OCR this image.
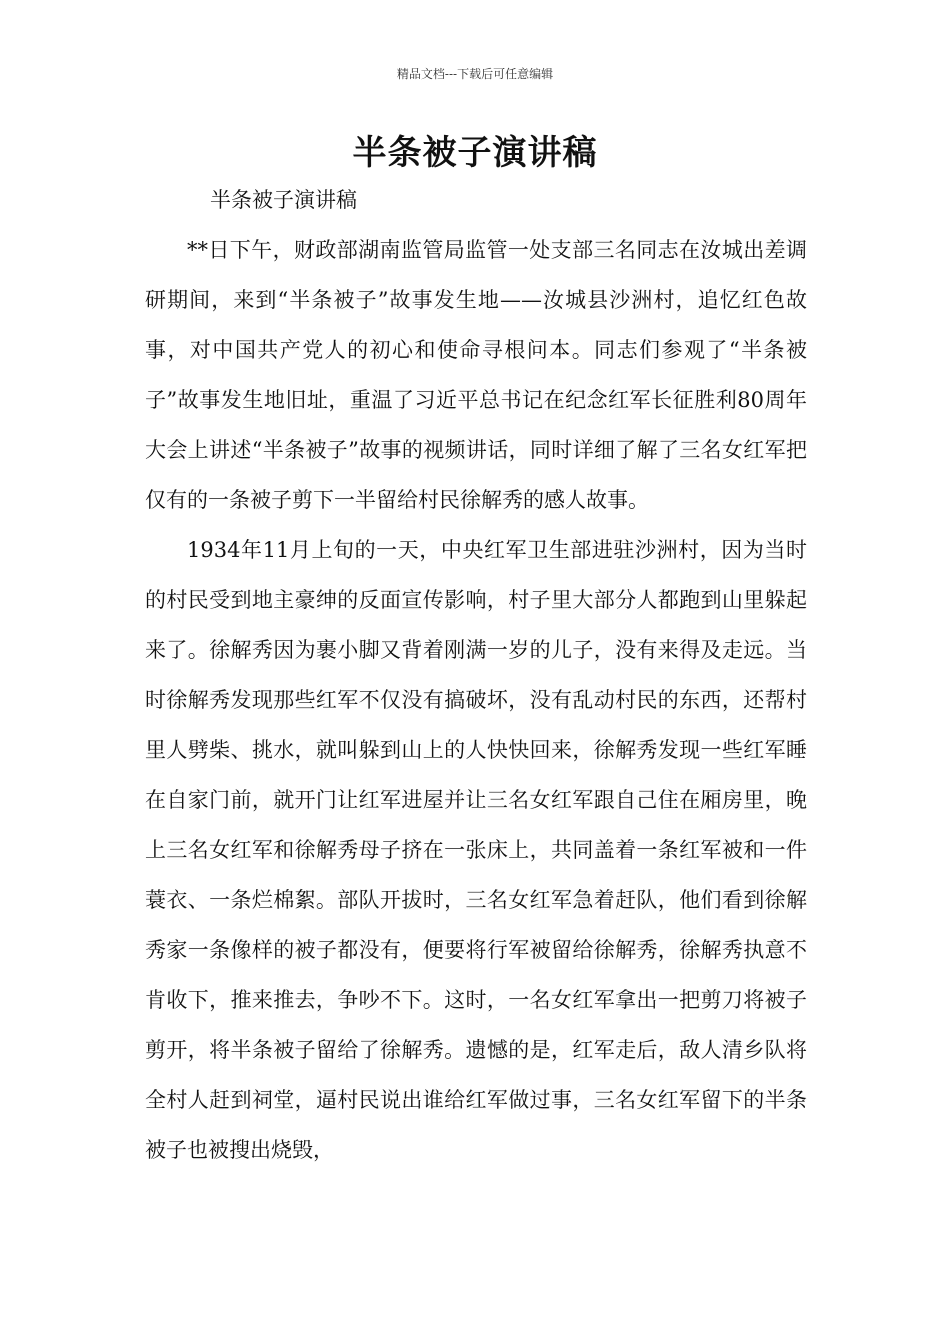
精品文档---下载后可任意编辑
半条被子演讲稿
半条被子演讲稿

**日下午，财政部湖南监管局监管一处支部三名同志在汝城出差调研期间，来到“半条被子”故事发生地——汝城县沙洲村，追忆红色故事，对中国共产党人的初心和使命寻根问本。同志们参观了“半条被子”故事发生地旧址，重温了习近平总书记在纪念红军长征胜利80周年大会上讲述“半条被子”故事的视频讲话，同时详细了解了三名女红军把仅有的一条被子剪下一半留给村民徐解秀的感人故事。

1934年11月上旬的一天，中央红军卫生部进驻沙洲村，因为当时的村民受到地主豪绅的反面宣传影响，村子里大部分人都跑到山里躲起来了。徐解秀因为裹小脚又背着刚满一岁的儿子，没有来得及走远。当时徐解秀发现那些红军不仅没有搞破坏，没有乱动村民的东西，还帮村里人劈柴、挑水，就叫躲到山上的人快快回来，徐解秀发现一些红军睡在自家门前，就开门让红军进屋并让三名女红军跟自己住在厢房里，晚上三名女红军和徐解秀母子挤在一张床上，共同盖着一条红军被和一件蓑衣、一条烂棉絮。部队开拔时，三名女红军急着赶队，他们看到徐解秀家一条像样的被子都没有，便要将行军被留给徐解秀，徐解秀执意不肯收下，推来推去，争吵不下。这时，一名女红军拿出一把剪刀将被子剪开，将半条被子留给了徐解秀。遗憾的是，红军走后，敌人清乡队将全村人赶到祠堂，逼村民说出谁给红军做过事，三名女红军留下的半条被子也被搜出烧毁，
